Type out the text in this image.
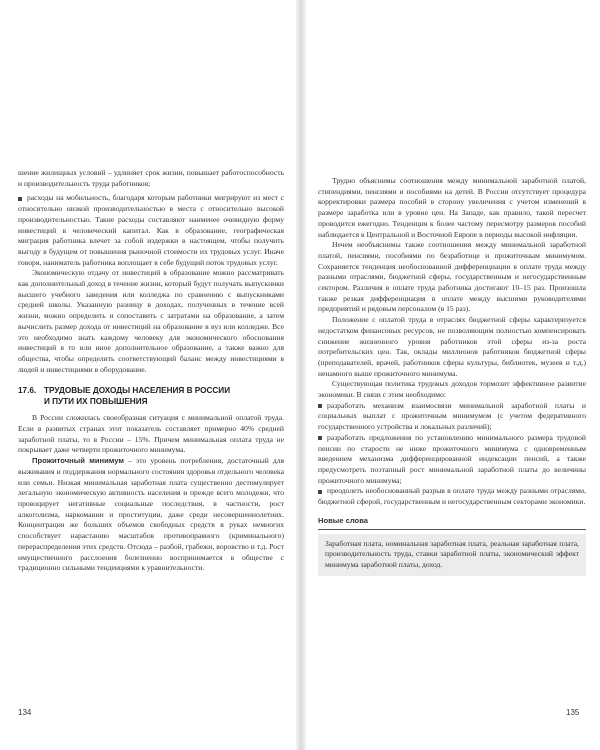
шение жилищных условий – удлиняет срок жизни, повышает работоспособность и производительность труда работников;

расходы на мобильность, благодаря которым работники мигрируют из мест с относительно низкой производительностью в места с относительно высокой производительностью. Такие расходы составляют наименее очевидную форму инвестиций в человеческий капитал. Как в образование, географическая миграция работника влечет за собой издержки в настоящем, чтобы получить выгоду в будущем от повышения рыночной стоимости их трудовых услуг. Иначе говоря, наниматель работника воплощает в себе будущий поток трудовых услуг.

Экономическую отдачу от инвестиций в образование можно рассматривать как дополнительный доход в течение жизни, который будут получать выпускники высшего учебного заведения или колледжа по сравнению с выпускниками средней школы. Указанную разницу в доходах, полученных в течение всей жизни, можно определить и сопоставить с затратами на образование, а затем вычислить размер дохода от инвестиций на образование в вуз или колледже. Все это необходимо знать каждому человеку для экономического обоснования инвестиций в то или иное дополнительное образование, а также важно для общества, чтобы определить соответствующий баланс между инвестициями в людей и инвестициями в оборудование.

17.6. ТРУДОВЫЕ ДОХОДЫ НАСЕЛЕНИЯ В РОССИИ
И ПУТИ ИХ ПОВЫШЕНИЯ

В России сложилась своеобразная ситуация с минимальной оплатой труда. Если в развитых странах этот показатель составляет примерно 40% средней заработной платы, то в России – 15%. Причем минимальная оплата труда не покрывает даже четверти прожиточного минимума.

Прожиточный минимум – это уровень потребления, достаточный для выживания и поддержания нормального состояния здоровья отдельного человека или семьи. Низкая минимальная заработная плата существенно дестимулирует легальную экономическую активность населения и прежде всего молодежи, что провоцирует негативные социальные последствия, в частности, рост алкоголизма, наркомании и проституции, даже среди несовершеннолетних. Концентрация же больших объемов свободных средств в руках немногих способствует нарастанию масштабов противоправного (криминального) перераспределения этих средств. Отсюда – разбой, грабежи, воровство и т.д. Рост имущественного расслоения болезненно воспринимается в обществе с традиционно сильными тенденциями к уравнительности.

134

Трудно объяснимы соотношения между минимальной заработной платой, стипендиями, пенсиями и пособиями на детей. В России отсутствует процедура корректировки размера пособий в сторону увеличения с учетом изменений в размере заработка или в уровне цен. На Западе, как правило, такой пересчет проводится ежегодно. Тенденция к более частому пересмотру размеров пособий наблюдается в Центральной и Восточной Европе в периоды высокой инфляции.

Нечем необъяснимы также соотношения между минимальной заработной платой, пенсиями, пособиями по безработице и прожиточным минимумом. Сохраняется тенденция необоснованной дифференциации в оплате труда между разными отраслями, бюджетной сферы, государственным и негосударственным сектором. Различия в оплате труда работника достигают 10–15 раз. Произошла также резкая дифференциация в оплате между высшими руководителями предприятий и рядовым персоналом (в 15 раз).

Положение с оплатой труда в отраслях бюджетной сферы характеризуется недостатком финансовых ресурсов, не позволяющим полностью компенсировать снижение жизненного уровня работников этой сферы из-за роста потребительских цен. Так, оклады миллионов работников бюджетной сферы (преподавателей, врачей, работников сферы культуры, библиотек, музеев и т.д.) ненамного выше прожиточного минимума.

Существующая политика трудовых доходов тормозит эффективное развитие экономики. В связи с этим необходимо:

разработать механизм взаимосвязи минимальной заработной платы и социальных выплат с прожиточным минимумом (с учетом федеративного государственного устройства и локальных различий);

разработать предложения по установлению минимального размера трудовой пенсии по старости не ниже прожиточного минимума с одновременным введением механизма дифференцированной индексации пенсий, а также предусмотреть поэтапный рост минимальной заработной платы до величины прожиточного минимума;

преодолеть необоснованный разрыв в оплате труда между разными отраслями, бюджетной сферой, государственным и негосударственным секторами экономики.

Новые слова
Заработная плата, номинальная заработная плата, реальная заработная плата, производительность труда, ставки заработной платы, экономический эффект минимума заработной платы, доход.
135
